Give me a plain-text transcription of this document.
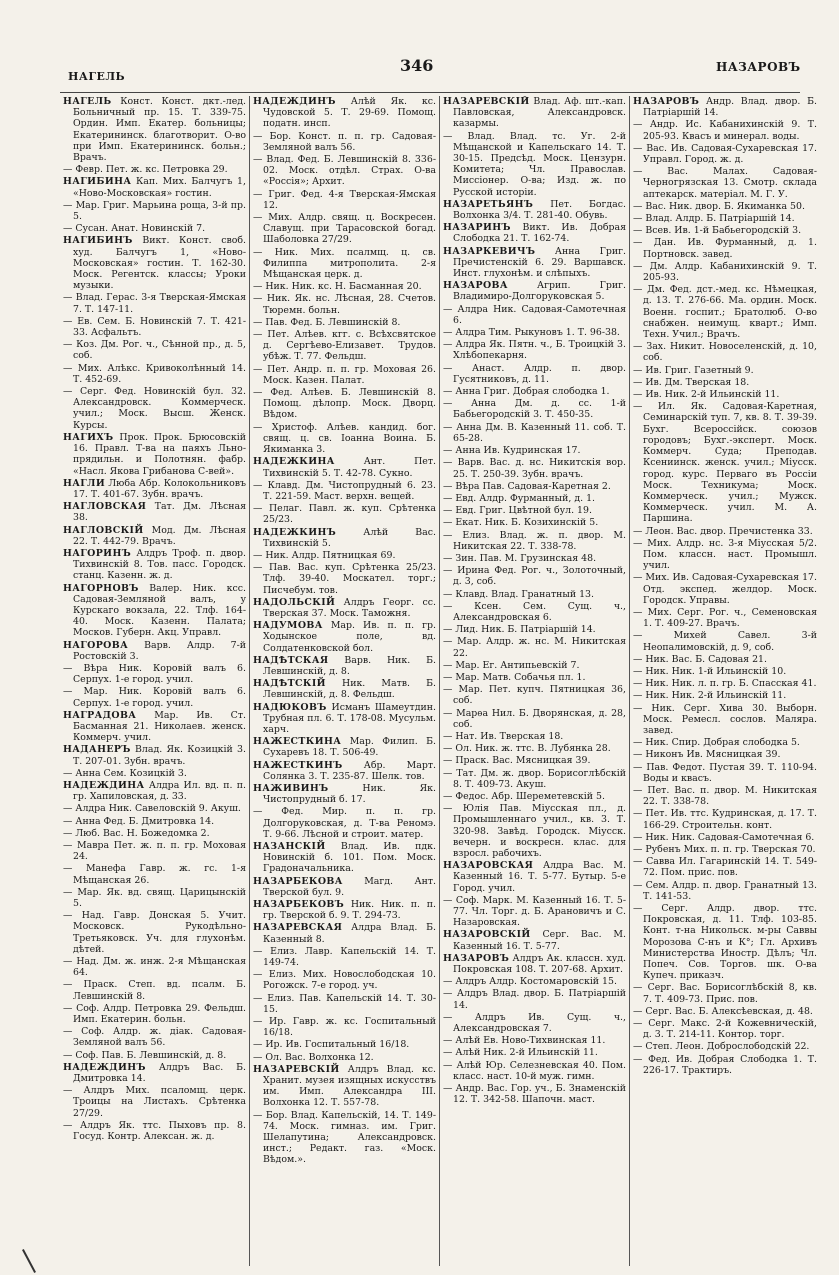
НАГЕЛЬ
346	НАЗАРОВЪ
НАГЕЛЬ Конст. Конст. дкт.-лед. Больничный пр. 15. Т. 339-75. Ордин. Имп. Екатер. больницы; Екатерининск. благотворит. О-во при Имп. Екатерининск. больн.; Врачъ.
— Февр. Пет. ж. кс. Петровка 29.
НАГИБИНА Кап. Мих. Балчугъ 1, «Ново-Московская» гостин.
— Мар. Григ. Марьина роща, 3-й пр. 5.
— Сусан. Анат. Новинскій 7.
НАГИБИНЪ Викт. Конст. своб. худ. Балчугъ 1, «Ново-Московская» гостин. Т. 162-30. Моск. Регентск. классы; Уроки музыки.
— Влад. Герас. 3-я Тверская-Ямская 7. Т. 147-11.
— Ев. Сем. Б. Новинскій 7. Т. 421-33. Асфальтъ.
— Коз. Дм. Рог. ч., Сѣнной пр., д. 5, соб.
— Мих. Алѣкс. Кривоколѣнный 14. Т. 452-69.
— Серг. Фед. Новинскій бул. 32. Александровск. Коммерческ. учил.; Моск. Высш. Женск. Курсы.
НАГИХЪ Прок. Прок. Брюсовскій 16. Правл. Т-ва на паяхъ Льно-прядильн. и Полотнян. фабр. «Насл. Якова Грибанова С-вей».
НАГЛИ Люба Абр. Колокольниковъ 17. Т. 401-67. Зубн. врачъ.
НАГЛОВСКАЯ Тат. Дм. Лѣсная 38.
НАГЛОВСКІЙ Мод. Дм. Лѣсная 22. Т. 442-79. Врачъ.
НАГОРИНЪ Алдръ Троф. п. двор. Тихвинскій 8. Тов. пасс. Городск. станц. Казенн. ж. д.
НАГОРНОВЪ Валер. Ник. ксс. Садовая-Земляной валъ, у Курскаго вокзала, 22. Тлф. 164-40. Моск. Казенн. Палата; Москов. Губерн. Акц. Управл.
НАГОРОВА Варв. Алдр. 7-й Ростовскій 3.
— Вѣра Ник. Коровій валъ 6. Серпух. 1-е город. учил.
— Мар. Ник. Коровій валъ 6. Серпух. 1-е город. учил.
НАГРАДОВА Мар. Ив. Ст. Басманная 21. Николаев. женск. Коммерч. учил.
НАДАНЕРЪ Влад. Як. Козицкій 3. Т. 207-01. Зубн. врачъ.
— Анна Сем. Козицкій 3.
НАДЕЖДИНА Алдра Ил. вд. п. п. гр. Хапиловская, д. 33.
— Алдра Ник. Савеловскій 9. Акуш.
— Анна Фед. Б. Дмитровка 14.
— Люб. Вас. Н. Божедомка 2.
— Мавра Пет. ж. п. п. гр. Моховая 24.
— Манефа Гавр. ж. гс. 1-я Мѣщанская 26.
— Мар. Як. вд. свящ. Царицынскій 5.
— Над. Гавр. Донская 5. Учит. Московск. Рукодѣльно-Третьяковск. Уч. для глухонѣм. дѣтей.
— Над. Дм. ж. инж. 2-я Мѣщанская 64.
— Праск. Степ. вд. псалм. Б. Левшинскій 8.
— Соф. Алдр. Петровка 29. Фельдш. Имп. Екатерин. больн.
— Соф. Алдр. ж. діак. Садовая-Земляной валъ 56.
— Соф. Пав. Б. Левшинскій, д. 8.
НАДЕЖДИНЪ Алдръ Вас. Б. Дмитровка 14.
— Алдръ Мих. псаломщ. церк. Троицы на Листахъ. Срѣтенка 27/29.
— Алдръ Як. ттс. Пыховъ пр. 8. Госуд. Контр. Алексан. ж. д.
НАДЕЖДИНЪ Алѣй Як. кс. Чудовской 5. Т. 29-69. Помощ. податн. инсп.
— Бор. Конст. п. п. гр. Садовая-Земляной валъ 56.
— Влад. Фед. Б. Левшинскій 8. 336-02. Моск. отдѣл. Страх. О-ва «Россія»; Архит.
— Григ. Фед. 4-я Тверская-Ямская 12.
— Мих. Алдр. свящ. ц. Воскресен. Славущ. при Тарасовской богад. Шаболовка 27/29.
— Ник. Мих. псалмщ. ц. св. Филиппа митрополита. 2-я Мѣщанская церк. д.
— Ник. Ник. кс. Н. Басманная 20.
— Ник. Як. нс. Лѣсная, 28. Счетов. Тюремн. больн.
— Пав. Фед. Б. Левшинскій 8.
— Пет. Алѣев. кгг. с. Всѣхсвятское д. Сергѣево-Елизавет. Трудов. убѣж. Т. 77. Фельдш.
— Пет. Андр. п. п. гр. Моховая 26. Моск. Казен. Палат.
— Фед. Алѣев. Б. Левшинскій 8. Помощ. дѣлопр. Моск. Дворц. Вѣдом.
— Христоф. Алѣев. кандид. бог. свящ. ц. св. Іоанна Воина. Б. Якиманка 3.
НАДЕЖКИНА	Ант. Пет. Тихвинскій 5. Т. 42-78. Сукно.
— Клавд. Дм. Чистопрудный 6. 23. Т. 221-59. Маст. верхн. вещей.
— Пелаг. Павл. ж. куп. Срѣтенка 25/23.
НАДЕЖКИНЪ	Алѣй Вас. Тихвинскій 5.
— Ник. Алдр. Пятницкая 69.
— Пав. Вас. куп. Срѣтенка 25/23. Тлф. 39-40. Москател. торг.; Писчебум. тов.
НАДОЛЬСКІЙ Алдръ Георг. сс. Тверская 37. Моск. Таможня.
НАДУМОВА Мар. Ив. п. п. гр. Ходынское поле, вд. Солдатенковской бол.
НАДѢТСКАЯ Варв. Ник. Б. Левшинскій, д. 8.
НАДѢТСКІЙ Ник. Матв. Б. Левшинскій, д. 8. Фельдш.
НАДЮКОВЪ Исманъ Шамеутдин. Трубная пл. 6. Т. 178-08. Мусульм. харч.
НАЖЕСТКИНА Мар. Филип. Б. Сухаревъ 18. Т. 506-49.
НАЖЕСТКИНЪ Абр. Март. Солянка 3. Т. 235-87. Шелк. тов.
НАЖИВИНЪ	Ник. Як. Чистопрудный б. 17.
— Фед. Мир. п. п. гр. Долгоруковская, д. Т-ва Реномэ. Т. 9-66. Лѣсной и строит. матер.
НАЗАНСКІЙ Влад. Ив. пдк. Новинскій б. 101. Пом. Моск. Градоначальника.
НАЗАРБЕКОВА Магд. Ант. Тверской бул. 9.
НАЗАРБЕКОВЪ Ник. Ник. п. п. гр. Тверской б. 9. Т. 294-73.
НАЗАРЕВСКАЯ Алдра Влад. Б. Казенный 8.
— Елиз. Лавр. Капельскій 14. Т. 149-74.
— Елиз. Мих. Новослободская 10. Рогожск. 7-е город. уч.
— Елиз. Пав. Капельскій 14. Т. 30-15.
— Ир. Гавр. ж. кс. Госпитальный 16/18.
— Ир. Ив. Госпитальный 16/18.
— Ол. Вас. Волхонка 12.
НАЗАРЕВСКІЙ Алдръ Влад. кс. Хранит. музея изящных искусствъ им. Имп. Александра III. Волхонка 12. Т. 557-78.
— Бор. Влад. Капельскій, 14. Т. 149-74. Моск. гимназ. им. Григ. Шелапутина; Александровск. инст.; Редакт. газ. «Моск. Вѣдом.».
НАЗАРЕВСКІЙ Влад. Аф. шт.-кап. Павловская, Александровск. казармы.
— Влад. Влад. тс. Уг. 2-й Мѣщанской и Капельскаго 14. Т. 30-15. Предсѣд. Моск. Цензурн. Комитета; Чл. Православ. Миссіонер. О-ва; Изд. ж. по Русской исторіи.
НАЗАРЕТЬЯНЪ Пет. Богдас. Волхонка 3/4. Т. 281-40. Обувь.
НАЗАРИНЪ Викт. Ив. Добрая Слободка 21. Т. 162-74.
НАЗАРКЕВИЧЪ Анна Григ. Пречистенскій 6. 29. Варшавск. Инст. глухонѣм. и слѣпыхъ.
НАЗАРОВА	Агрип. Григ. Владимиро-Долгоруковская 5.
— Алдра Ник. Садовая-Самотечная 6.
— Алдра Тим. Рыкуновъ 1. Т. 96-38.
— Алдра Як. Пятн. ч., Б. Троицкій 3. Хлѣбопекарня.
— Анаст. Алдр. п. двор. Гусятниковъ, д. 11.
— Анна Григ. Добрая слободка 1.
— Анна Дм. д. сс. 1-й Бабьегородскій 3. Т. 450-35.
— Анна Дм. В. Казенный 11. соб. Т. 65-28.
— Анна Ив. Кудринская 17.
— Варв. Вас. д. нс. Никитскія вор. 25. Т. 250-39. Зубн. врачъ.
— Вѣра Пав. Садовая-Каретная 2.
— Евд. Алдр. Фурманный, д. 1.
— Евд. Григ. Цвѣтной бул. 19.
— Екат. Ник. Б. Козихинскій 5.
— Елиз. Влад. ж. п. двор. М. Никитская 22. Т. 338-78.
— Зин. Пав. М. Грузинская 48.
— Ирина Фед. Рог. ч., Золоточный, д. 3, соб.
— Клавд. Влад. Гранатный 13.
— Ксен. Сем. Сущ. ч., Александровская 6.
— Лид. Ник. Б. Патріаршій 14.
— Мар. Алдр. ж. нс. М. Никитская 22.
— Мар. Ег. Антипьевскій 7.
— Мар. Матв. Собачья пл. 1.
— Мар. Пет. купч. Пятницкая 36, соб.
— Марѳа Нил. Б. Дворянская, д. 28, соб.
— Нат. Ив. Тверская 18.
— Ол. Ник. ж. ттс. В. Лубянка 28.
— Праск. Вас. Мясницкая 39.
— Тат. Дм. ж. двор. Борисоглѣбскій 8. Т. 409-73. Акуш.
— Федос. Абр. Шереметевскій 5.
— Юлія Пав. Міусская пл., д. Промышленнаго учил., кв. 3. Т. 320-98. Завѣд. Городск. Міусск. вечерн. и воскресн. клас. для взросл. рабочихъ.
НАЗАРОВСКАЯ Алдра Вас. М. Казенный 16. Т. 5-77. Бутыр. 5-е Город. учил.
— Соф. Марк. М. Казенный 16. Т. 5-77. Чл. Торг. д. Б. Арановичъ и С. Назаровская.
НАЗАРОВСКІЙ Серг. Вас. М. Казенный 16. Т. 5-77.
НАЗАРОВЪ Алдръ Ак. классн. худ. Покровская 108. Т. 207-68. Архит.
— Алдръ Алдр. Костомаровскій 15.
— Алдръ Влад. двор. Б. Патріаршій 14.
— Алдръ Ив. Сущ. ч., Александровская 7.
— Алѣй Ев. Ново-Тихвинская 11.
— Алѣй Ник. 2-й Ильинскій 11.
— Алѣй Юр. Селезневская 40. Пом. класс. наст. 10-й муж. гимн.
— Андр. Вас. Гор. уч., Б. Знаменскій 12. Т. 342-58. Шапочн. маст.
НАЗАРОВЪ Андр. Влад. двор. Б. Патріаршій 14.
— Андр. Ис. Кабанихинскій 9. Т. 205-93. Квасъ и минерал. воды.
— Вас. Ив. Садовая-Сухаревская 17. Управл. Город. ж. д.
— Вас. Малах. Садовая-Черногрязская 13. Смотр. склада аптекарск. матеріал. М. Г. У.
— Вас. Ник. двор. Б. Якиманка 50.
— Влад. Алдр. Б. Патріаршій 14.
— Всев. Ив. 1-й Бабьегородскій 3.
— Дан. Ив. Фурманный, д. 1. Портновск. завед.
— Дм. Алдр. Кабанихинскій 9. Т. 205-93.
— Дм. Фед. дст.-мед. кс. Нѣмецкая, д. 13. Т. 276-66. Ма. ордин. Моск. Военн. госпит.; Братолюб. О-во снабжен. неимущ. кварт.; Имп. Техн. Учил.; Врачъ.
— Зах. Никит. Новоселенскій, д. 10, соб.
— Ив. Григ. Газетный 9.
— Ив. Дм. Тверская 18.
— Ив. Ник. 2-й Ильинскій 11.
— Ил. Як. Садовая-Каретная, Семинарскій туп. 7, кв. 8. Т. 39-39. Бухг. Всероссійск. союзов городовъ; Бухг.-эксперт. Моск. Коммерч. Суда; Преподав. Ксениинск. женск. учил.; Міусск. город. курс. Перваго въ Россіи Моск. Техникума; Моск. Коммерческ. учил.; Мужск. Коммерческ. учил. М. А. Паршина.
— Леон. Вас. двор. Пречистенка 33.
— Мих. Алдр. нс. 3-я Міусская 5/2. Пом. классн. наст. Промышл. учил.
— Мих. Ив. Садовая-Сухаревская 17. Отд. экспед. желдор. Моск. Городск. Управы.
— Мих. Серг. Рог. ч., Семеновская 1. Т. 409-27. Врачъ.
— Михей Савел. 3-й Неопалимовскій, д. 9, соб.
— Ник. Вас. Б. Садовая 21.
— Ник. Ник. 1-й Ильинскій 10.
— Ник. Ник. л. п. гр. Б. Спасская 41.
— Ник. Ник. 2-й Ильинскій 11.
— Ник. Серг. Хива 30. Выборн. Моск. Ремесл. сослов. Маляра. завед.
— Ник. Спир. Добрая слободка 5.
— Никонъ Ив. Мясницкая 39.
— Пав. Федот. Пустая 39. Т. 110-94. Воды и квасъ.
— Пет. Вас. п. двор. М. Никитская 22. Т. 338-78.
— Пет. Ив. ттс. Кудринская, д. 17. Т. 166-29. Строительн. конт.
— Ник. Ник. Садовая-Самотечная 6.
— Рубенъ Мих. п. п. гр. Тверская 70.
— Савва Ил. Гагаринскій 14. Т. 549-72. Пом. прис. пов.
— Сем. Алдр. п. двор. Гранатный 13. Т. 141-53.
— Серг. Алдр. двор. ттс. Покровская, д. 11. Тлф. 103-85. Конт. т-на Никольск. м-ры Саввы Морозова С-нъ и К°; Гл. Архивъ Министерства Иностр. Дѣлъ; Чл. Попеч. Сов. Торгов. шк. О-ва Купеч. приказч.
— Серг. Вас. Борисоглѣбскій 8, кв. 7. Т. 409-73. Прис. пов.
— Серг. Вас. Б. Алексѣевская, д. 48.
— Серг. Макс. 2-й Кожевническій, д. 3. Т. 214-11. Контор. торг.
— Степ. Леон. Доброслободскій 22.
— Фед. Ив. Добрая Слободка 1. Т. 226-17. Трактиръ.
